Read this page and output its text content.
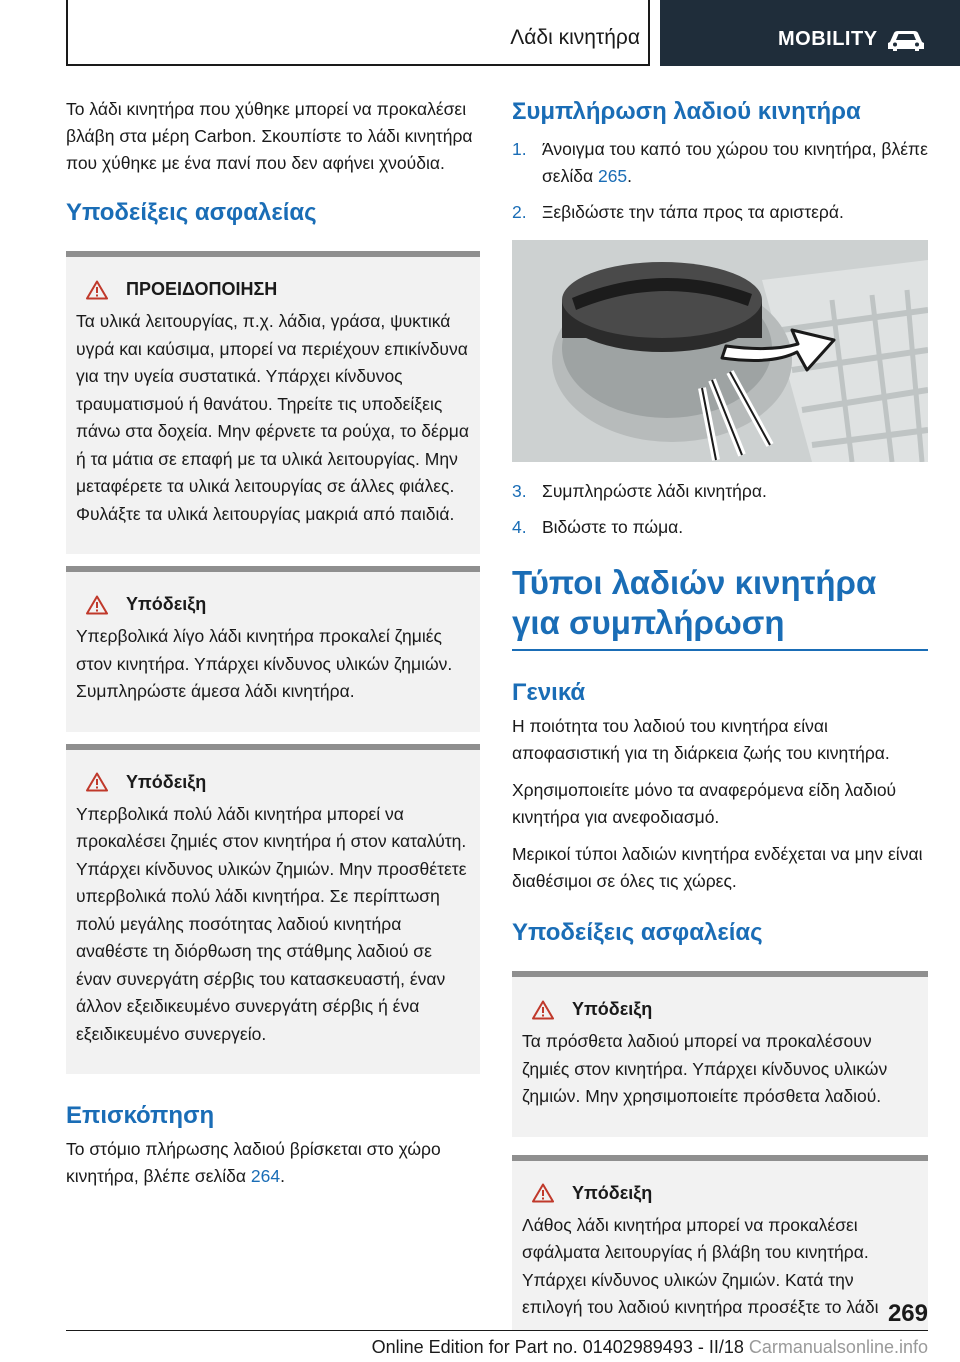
Λάδι κινητήρα	MOBILITY

Το λάδι κινητήρα που χύθηκε μπορεί να προκαλέσει βλάβη στα μέρη Carbon. Σκουπίστε το λάδι κινητήρα που χύθηκε με ένα πανί που δεν αφήνει χνούδια.

Υποδείξεις ασφαλείας
ΠΡΟΕΙΔΟΠΟΙΗΣΗ

Τα υλικά λειτουργίας, π.χ. λάδια, γράσα, ψυκτικά υγρά και καύσιμα, μπορεί να περιέχουν επικίνδυνα για την υγεία συστατικά. Υπάρχει κίνδυνος τραυματισμού ή θανάτου. Τηρείτε τις υποδείξεις πάνω στα δοχεία. Μην φέρνετε τα ρούχα, το δέρμα ή τα μάτια σε επαφή με τα υλικά λειτουργίας. Μην μεταφέρετε τα υλικά λειτουργίας σε άλλες φιάλες. Φυλάξτε τα υλικά λειτουργίας μακριά από παιδιά.

Υπόδειξη

Υπερβολικά λίγο λάδι κινητήρα προκαλεί ζημιές στον κινητήρα. Υπάρχει κίνδυνος υλικών ζημιών. Συμπληρώστε άμεσα λάδι κινητήρα.

Υπόδειξη

Υπερβολικά πολύ λάδι κινητήρα μπορεί να προκαλέσει ζημιές στον κινητήρα ή στον καταλύτη. Υπάρχει κίνδυνος υλικών ζημιών. Μην προσθέτετε υπερβολικά πολύ λάδι κινητήρα. Σε περίπτωση πολύ μεγάλης ποσότητας λαδιού κινητήρα αναθέστε τη διόρθωση της στάθμης λαδιού σε έναν συνεργάτη σέρβις του κατασκευαστή, έναν άλλον εξειδικευμένο συνεργάτη σέρβις ή ένα εξειδικευμένο συνεργείο.

Επισκόπηση

Το στόμιο πλήρωσης λαδιού βρίσκεται στο χώρο κινητήρα, βλέπε σελίδα 264.

Συμπλήρωση λαδιού κινητήρα
1. Άνοιγμα του καπό του χώρου του κινητήρα, βλέπε σελίδα 265.
2. Ξεβιδώστε την τάπα προς τα αριστερά.
3. Συμπληρώστε λάδι κινητήρα.
4. Βιδώστε το πώμα.
Τύποι λαδιών κινητήρα για συμπλήρωση
Γενικά

Η ποιότητα του λαδιού του κινητήρα είναι αποφασιστική για τη διάρκεια ζωής του κινητήρα.

Χρησιμοποιείτε μόνο τα αναφερόμενα είδη λαδιού κινητήρα για ανεφοδιασμό.

Μερικοί τύποι λαδιών κινητήρα ενδέχεται να μην είναι διαθέσιμοι σε όλες τις χώρες.

Υποδείξεις ασφαλείας
Υπόδειξη

Τα πρόσθετα λαδιού μπορεί να προκαλέσουν ζημιές στον κινητήρα. Υπάρχει κίνδυνος υλικών ζημιών. Μην χρησιμοποιείτε πρόσθετα λαδιού.

Υπόδειξη

Λάθος λάδι κινητήρα μπορεί να προκαλέσει σφάλματα λειτουργίας ή βλάβη του κινητήρα. Υπάρχει κίνδυνος υλικών ζημιών. Κατά την επιλογή του λαδιού κινητήρα προσέξτε το λάδι 269
Online Edition for Part no. 01402989493 - II/18 Carmanualsonline.info
